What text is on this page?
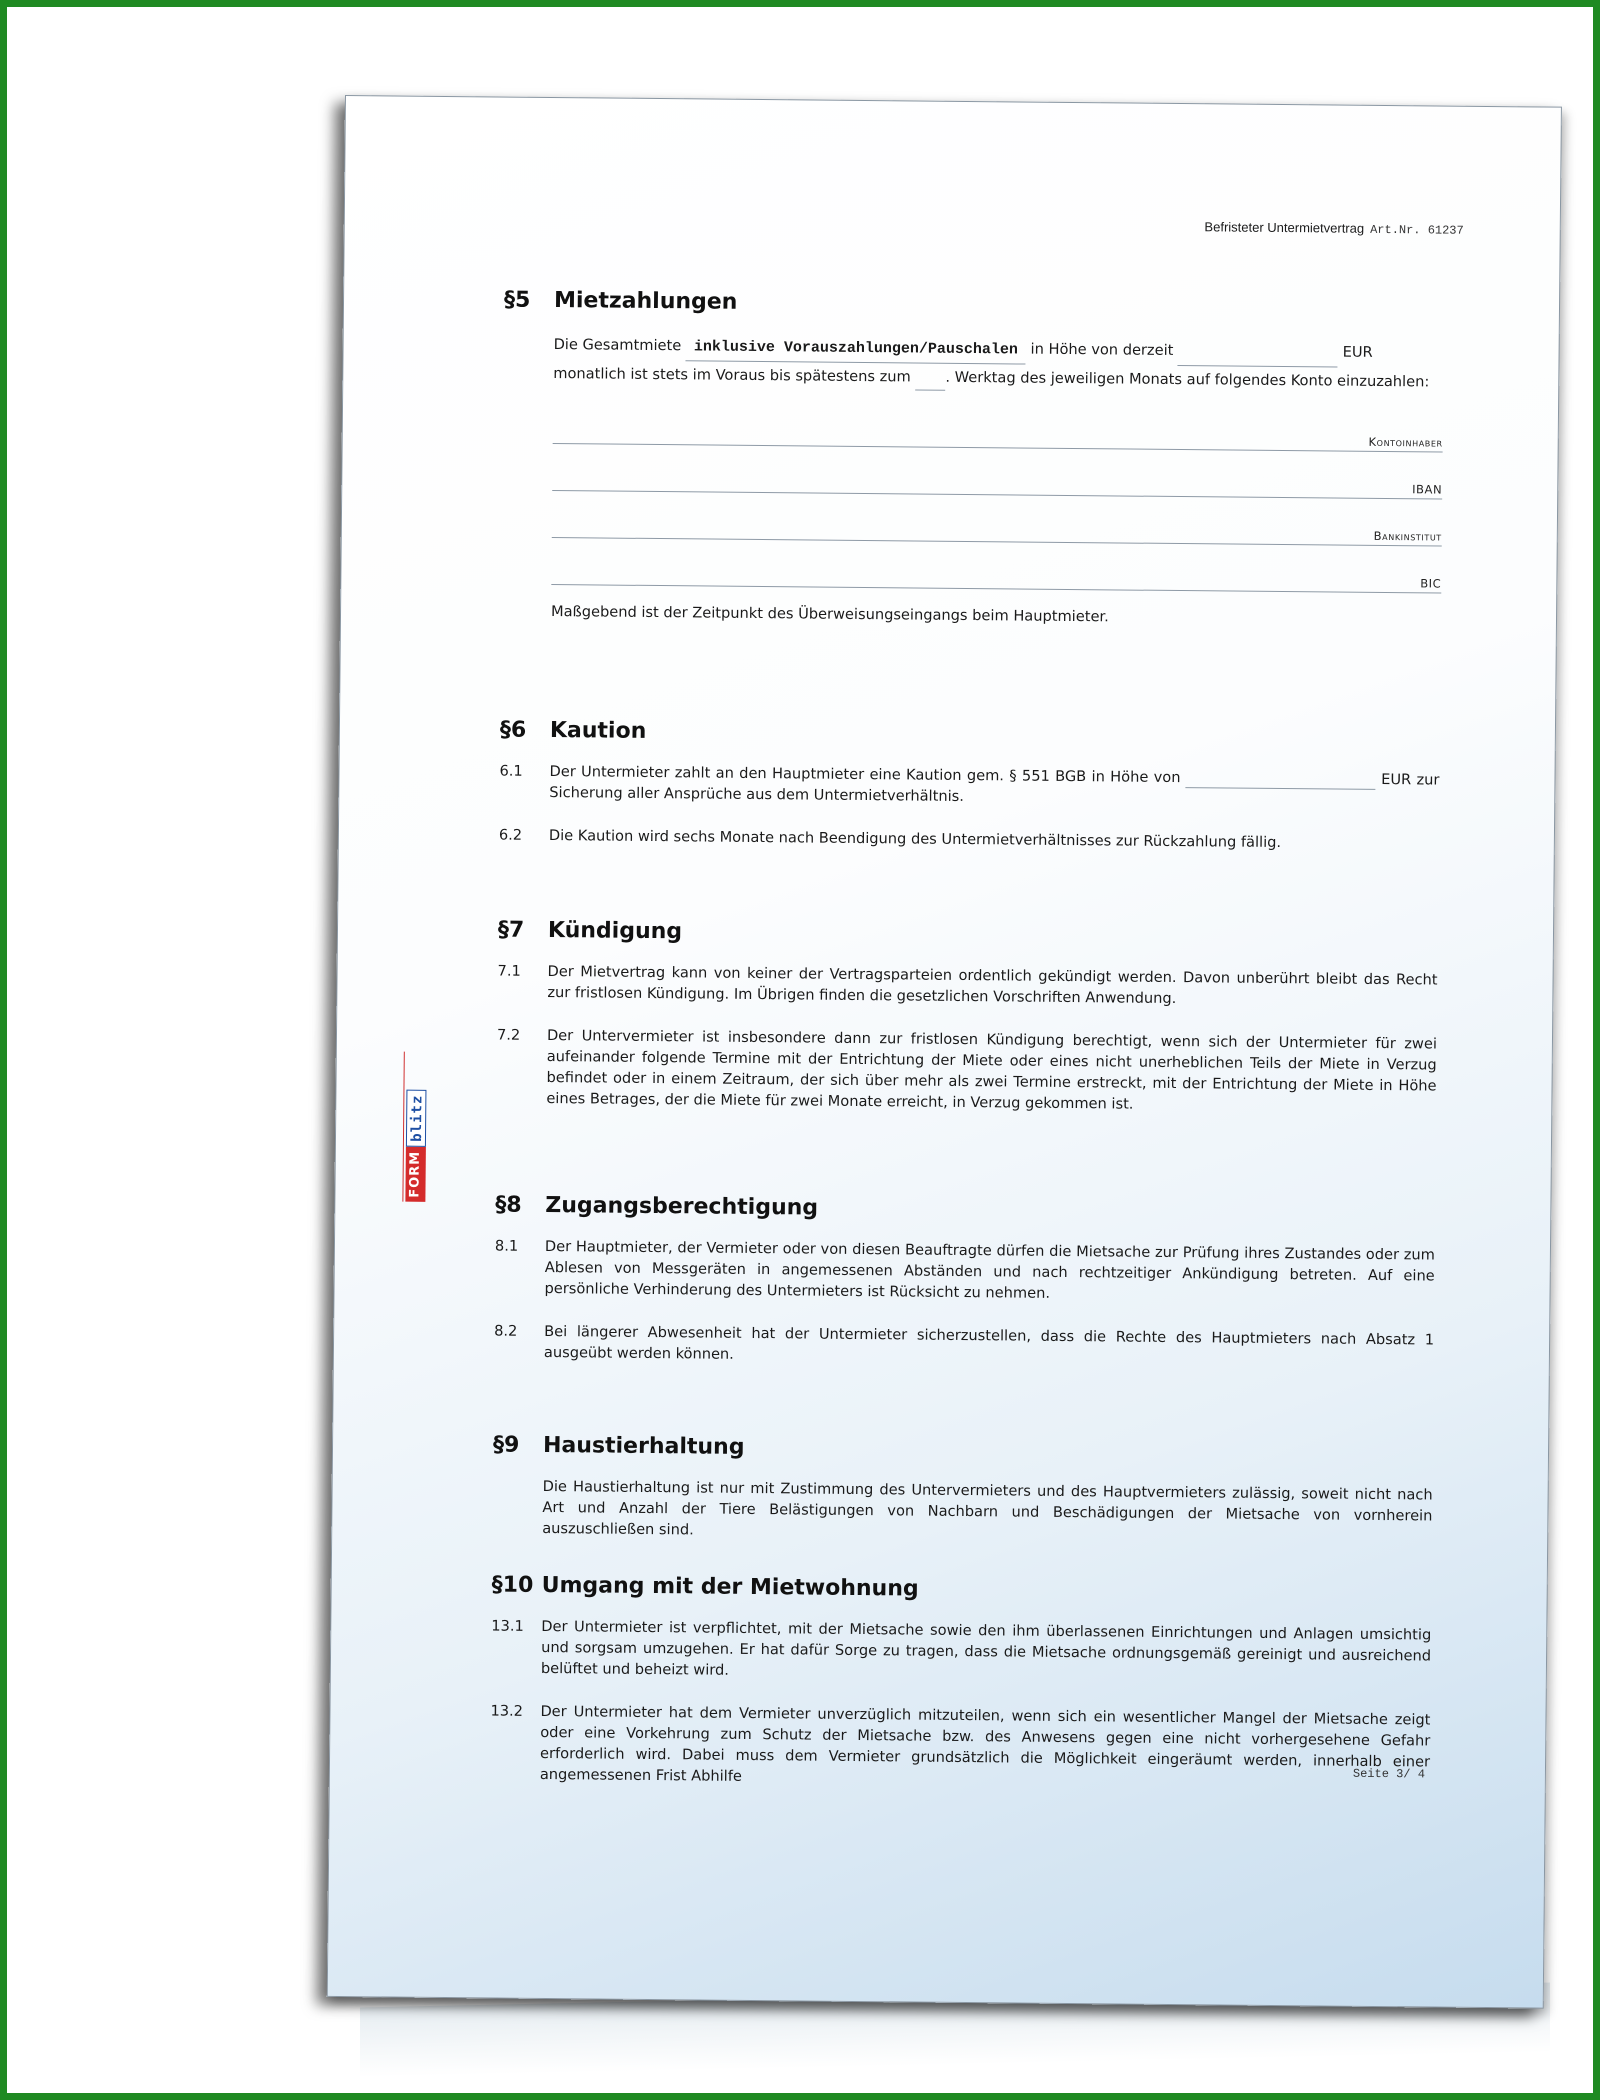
Befristeter Untermietvertrag Art.Nr. 61237
FORM
blitz
§5	Mietzahlungen
Die Gesamtmiete inklusive Vorauszahlungen/Pauschalen in Höhe von derzeit	EUR
monatlich ist stets im Voraus bis spätestens zum . Werktag des jeweiligen Monats auf folgendes Konto einzuzahlen:
Kontoinhaber
IBAN
Bankinstitut
BIC
Maßgebend ist der Zeitpunkt des Überweisungseingangs beim Hauptmieter.
§6	Kaution
6.1	Der Untermieter zahlt an den Hauptmieter eine Kaution gem. § 551 BGB in Höhe von	EUR zur Sicherung aller Ansprüche aus dem Untermietverhältnis.
6.2	Die Kaution wird sechs Monate nach Beendigung des Untermietverhältnisses zur Rückzahlung fällig.
§7	Kündigung
7.1	Der Mietvertrag kann von keiner der Vertragsparteien ordentlich gekündigt werden. Davon unberührt bleibt das Recht zur fristlosen Kündigung. Im Übrigen finden die gesetzlichen Vorschriften Anwendung.
7.2	Der Untervermieter ist insbesondere dann zur fristlosen Kündigung berechtigt, wenn sich der Untermieter für zwei aufeinander folgende Termine mit der Entrichtung der Miete oder eines nicht unerheblichen Teils der Miete in Verzug befindet oder in einem Zeitraum, der sich über mehr als zwei Termine erstreckt, mit der Entrichtung der Miete in Höhe eines Betrages, der die Miete für zwei Monate erreicht, in Verzug gekommen ist.
§8	Zugangsberechtigung
8.1	Der Hauptmieter, der Vermieter oder von diesen Beauftragte dürfen die Mietsache zur Prüfung ihres Zustandes oder zum Ablesen von Messgeräten in angemessenen Abständen und nach rechtzeitiger Ankündigung betreten. Auf eine persönliche Verhinderung des Untermieters ist Rücksicht zu nehmen.
8.2	Bei längerer Abwesenheit hat der Untermieter sicherzustellen, dass die Rechte des Hauptmieters nach Absatz 1 ausgeübt werden können.
§9	Haustierhaltung
Die Haustierhaltung ist nur mit Zustimmung des Untervermieters und des Hauptvermieters zulässig, soweit nicht nach Art und Anzahl der Tiere Belästigungen von Nachbarn und Beschädigungen der Mietsache von vornherein auszuschließen sind.
§10 Umgang mit der Mietwohnung
13.1	Der Untermieter ist verpflichtet, mit der Mietsache sowie den ihm überlassenen Einrichtungen und Anlagen umsichtig und sorgsam umzugehen. Er hat dafür Sorge zu tragen, dass die Mietsache ordnungsgemäß gereinigt und ausreichend belüftet und beheizt wird.
13.2	Der Untermieter hat dem Vermieter unverzüglich mitzuteilen, wenn sich ein wesentlicher Mangel der Mietsache zeigt oder eine Vorkehrung zum Schutz der Mietsache bzw. des Anwesens gegen eine nicht vorhergesehene Gefahr erforderlich wird. Dabei muss dem Vermieter grundsätzlich die Möglichkeit eingeräumt werden, innerhalb einer angemessenen Frist Abhilfe	Seite 3/ 4
